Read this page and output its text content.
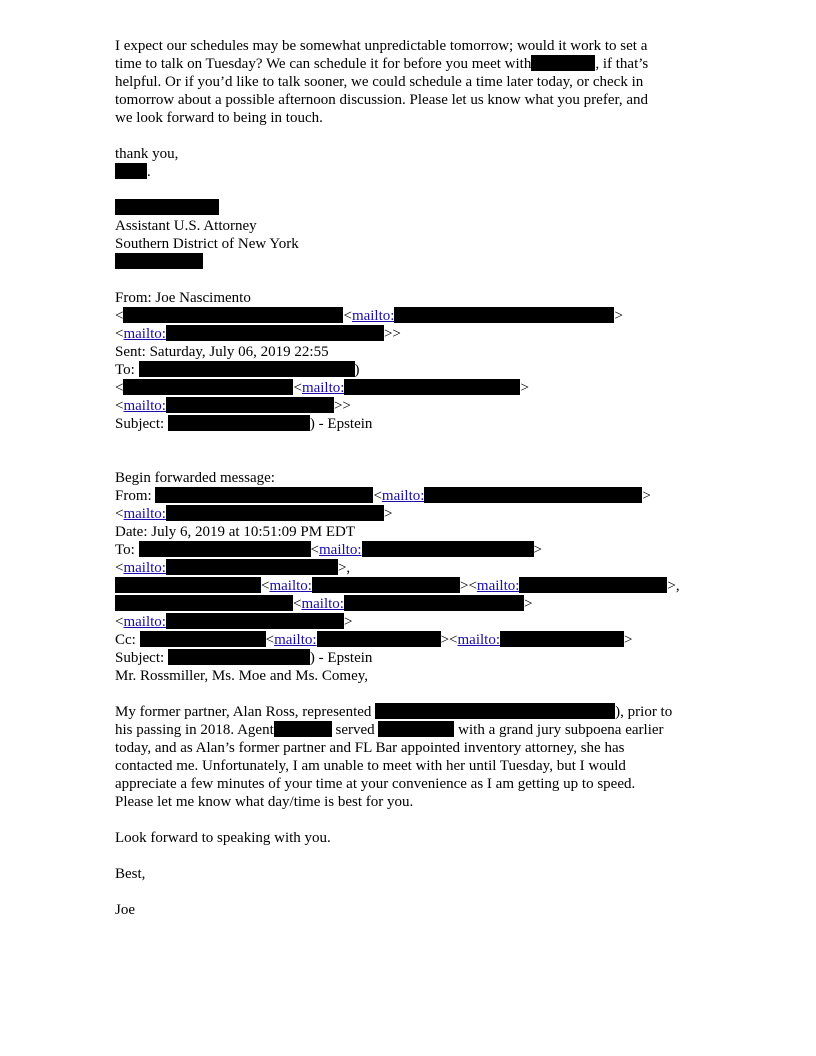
I expect our schedules may be somewhat unpredictable tomorrow; would it work to set a
time to talk on Tuesday? We can schedule it for before you meet with	, if that’s
helpful. Or if you’d like to talk sooner, we could schedule a time later today, or check in
tomorrow about a possible afternoon discussion. Please let us know what you prefer, and
we look forward to being in touch.
thank you,
.
Assistant U.S. Attorney
Southern District of New York
From: Joe Nascimento
<	<mailto:	>
<mailto:	>>
Sent: Saturday, July 06, 2019 22:55
To:	)
<	<mailto:	>
<mailto:	>>
Subject:	) - Epstein
Begin forwarded message:
From:	<mailto:	>
<mailto:	>
Date: July 6, 2019 at 10:51:09 PM EDT
To:	<mailto:	>
<mailto:	>,
<mailto:	><mailto:	>,
<mailto:	>
<mailto:	>
Cc:	<mailto:	><mailto:	>
Subject:	) - Epstein
Mr. Rossmiller, Ms. Moe and Ms. Comey,
My former partner, Alan Ross, represented	), prior to
his passing in 2018. Agent	served	with a grand jury subpoena earlier
today, and as Alan’s former partner and FL Bar appointed inventory attorney, she has
contacted me. Unfortunately, I am unable to meet with her until Tuesday, but I would
appreciate a few minutes of your time at your convenience as I am getting up to speed.
Please let me know what day/time is best for you.
Look forward to speaking with you.
Best,
Joe
